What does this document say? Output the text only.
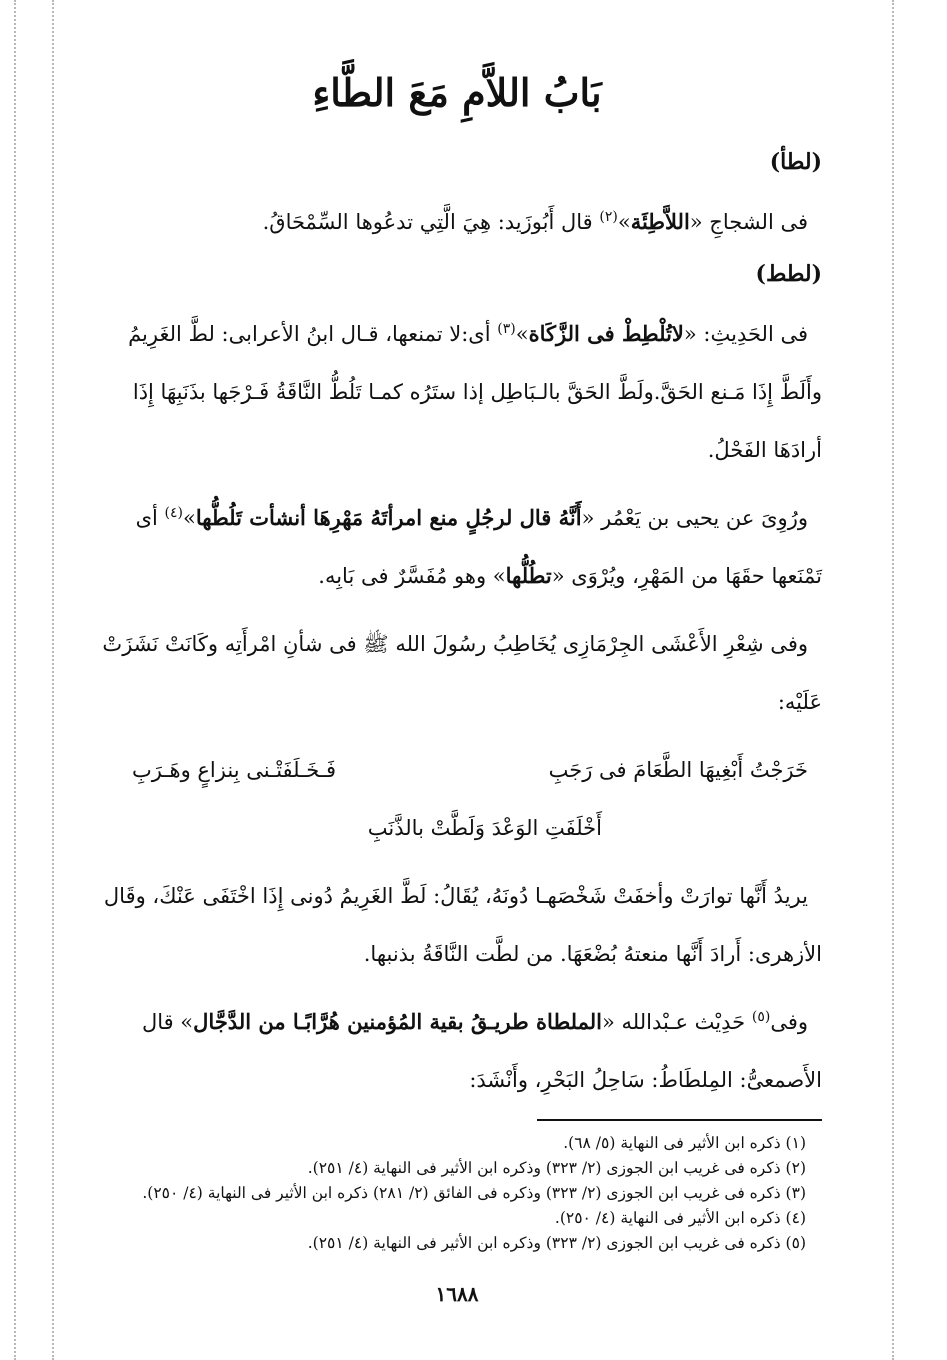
بَابُ اللاَّمِ مَعَ الطَّاءِ
(لطأ)

فى الشجاجِ «اللاَّطِئَة»$^{(٢)}$ قال أَبُوزَيد: هِيَ الَّتِي تدعُوها السِّمْحَاقُ.

(لطط)

فى الحَدِيثِ: «لاتُلْطِطْ فى الزَّكَاة»$^{(٣)}$ أى:لا تمنعها، قـال ابنُ الأعرابى: لطَّ الغَرِيمُ وأَلَطَّ إِذَا مَـنع الحَقَّ.ولَطَّ الحَقَّ بالـبَاطِل إذا ستَرُه كمـا تَلُطُّ النَّاقَةُ فَـرْجَها بذَنَبِهَا إِذَا أرادَهَا الفَحْلُ.

ورُوِىَ عن يحيى بن يَعْمُر «أَنَّهُ قال لرجُلٍ منع امرأتَهُ مَهْرِهَا أنشأت تَلُطُّها»$^{(٤)}$ أى تَمْنَعها حقَهَا من المَهْرِ، ويُرْوَى «تطُلُّها» وهو مُفَسَّرٌ فى بَابِه.

وفى شِعْرِ الأَعْشَى الجِرْمَازِى يُخَاطِبُ رسُولَ الله ﷺ فى شأنِ امْرأَتِه وكَانَتْ نَشَزَتْ عَلَيْه:

خَرَجْتُ أَبْغِيهَا الطَّعَامَ فى رَجَبِ
فَـخَـلَفَتْـنى بِنزاعٍ وهَـرَبِ
أَخْلَفَتِ الوَعْدَ وَلَطَّتْ بالذَّنَبِ

يريدُ أَنَّها توارَتْ وأخفَتْ شَخْصَهـا دُونَهُ، يُقَالُ: لَطَّ الغَرِيمُ دُونى إِذَا اخْتَفَى عَنْكَ، وقَال الأزهرى: أَرادَ أَنَّها منعتهُ بُضْعَهَا. من لطَّت النَّاقَةُ بذنبها.

وفى$^{(٥)}$ حَدِيْث عـبْدالله «الملطاة طريـقُ بقية المُؤمنين هُرَّابًـا من الدَّجَّال» قال الأَصمعىُّ: المِلطَاطُ: سَاحِلُ البَحْرِ، وأَنْشَدَ:

(١) ذكره ابن الأثير فى النهاية (٥/ ٦٨).
(٢) ذكره فى غريب ابن الجوزى (٢/ ٣٢٣) وذكره ابن الأثير فى النهاية (٤/ ٢٥١).
(٣) ذكره فى غريب ابن الجوزى (٢/ ٣٢٣) وذكره فى الفائق (٢/ ٢٨١) ذكره ابن الأثير فى النهاية (٤/ ٢٥٠).
(٤) ذكره ابن الأثير فى النهاية (٤/ ٢٥٠).
(٥) ذكره فى غريب ابن الجوزى (٢/ ٣٢٣) وذكره ابن الأثير فى النهاية (٤/ ٢٥١).
١٦٨٨
